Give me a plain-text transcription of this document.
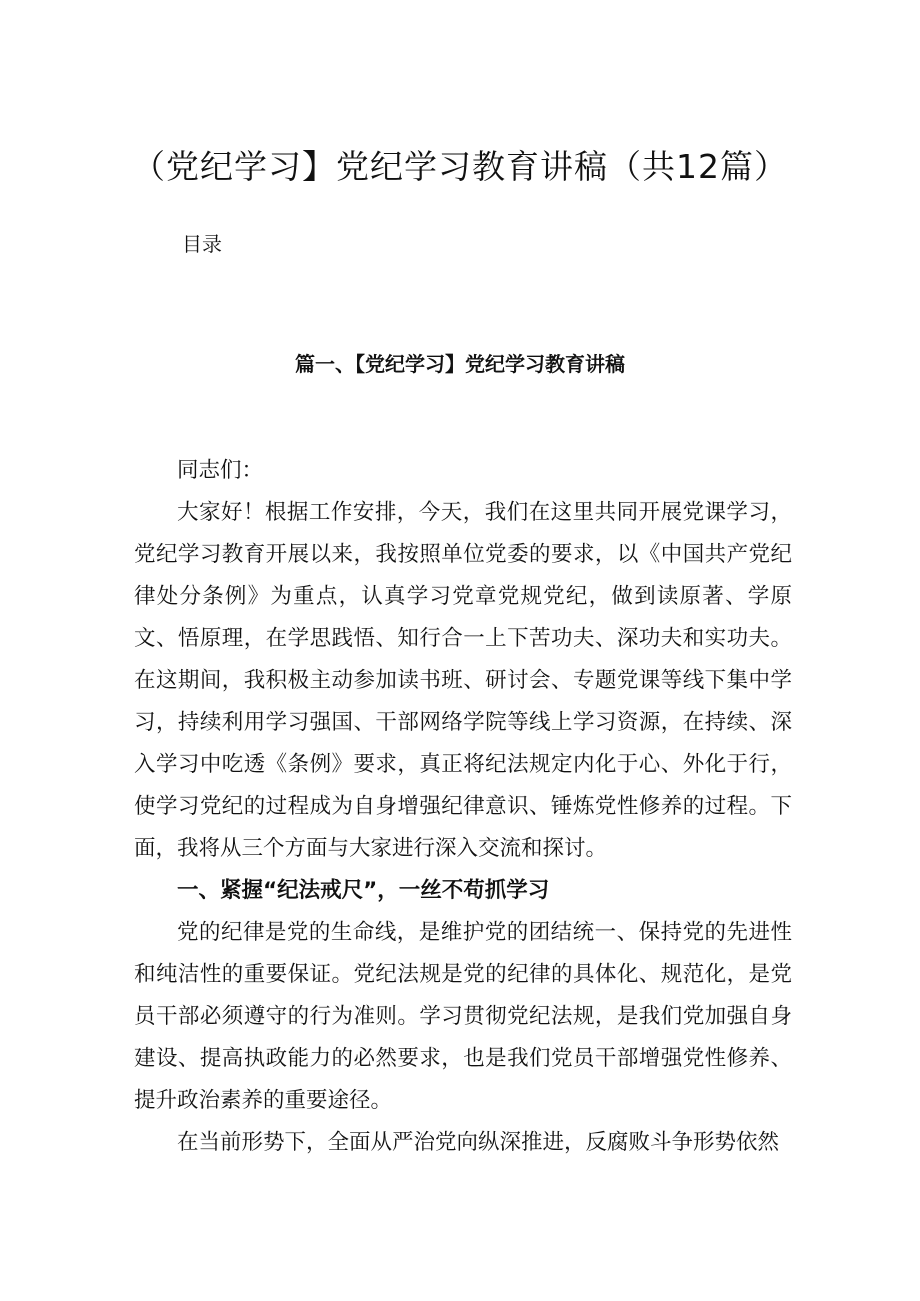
（党纪学习】党纪学习教育讲稿（共12篇）
目录
篇一、【党纪学习】党纪学习教育讲稿

同志们：

大家好！根据工作安排，今天，我们在这里共同开展党课学习，党纪学习教育开展以来，我按照单位党委的要求，以《中国共产党纪律处分条例》为重点，认真学习党章党规党纪，做到读原著、学原文、悟原理，在学思践悟、知行合一上下苦功夫、深功夫和实功夫。在这期间，我积极主动参加读书班、研讨会、专题党课等线下集中学习，持续利用学习强国、干部网络学院等线上学习资源，在持续、深入学习中吃透《条例》要求，真正将纪法规定内化于心、外化于行，使学习党纪的过程成为自身增强纪律意识、锤炼党性修养的过程。下面，我将从三个方面与大家进行深入交流和探讨。

一、紧握“纪法戒尺”，一丝不苟抓学习

党的纪律是党的生命线，是维护党的团结统一、保持党的先进性和纯洁性的重要保证。党纪法规是党的纪律的具体化、规范化，是党员干部必须遵守的行为准则。学习贯彻党纪法规，是我们党加强自身建设、提高执政能力的必然要求，也是我们党员干部增强党性修养、提升政治素养的重要途径。

在当前形势下，全面从严治党向纵深推进，反腐败斗争形势依然
